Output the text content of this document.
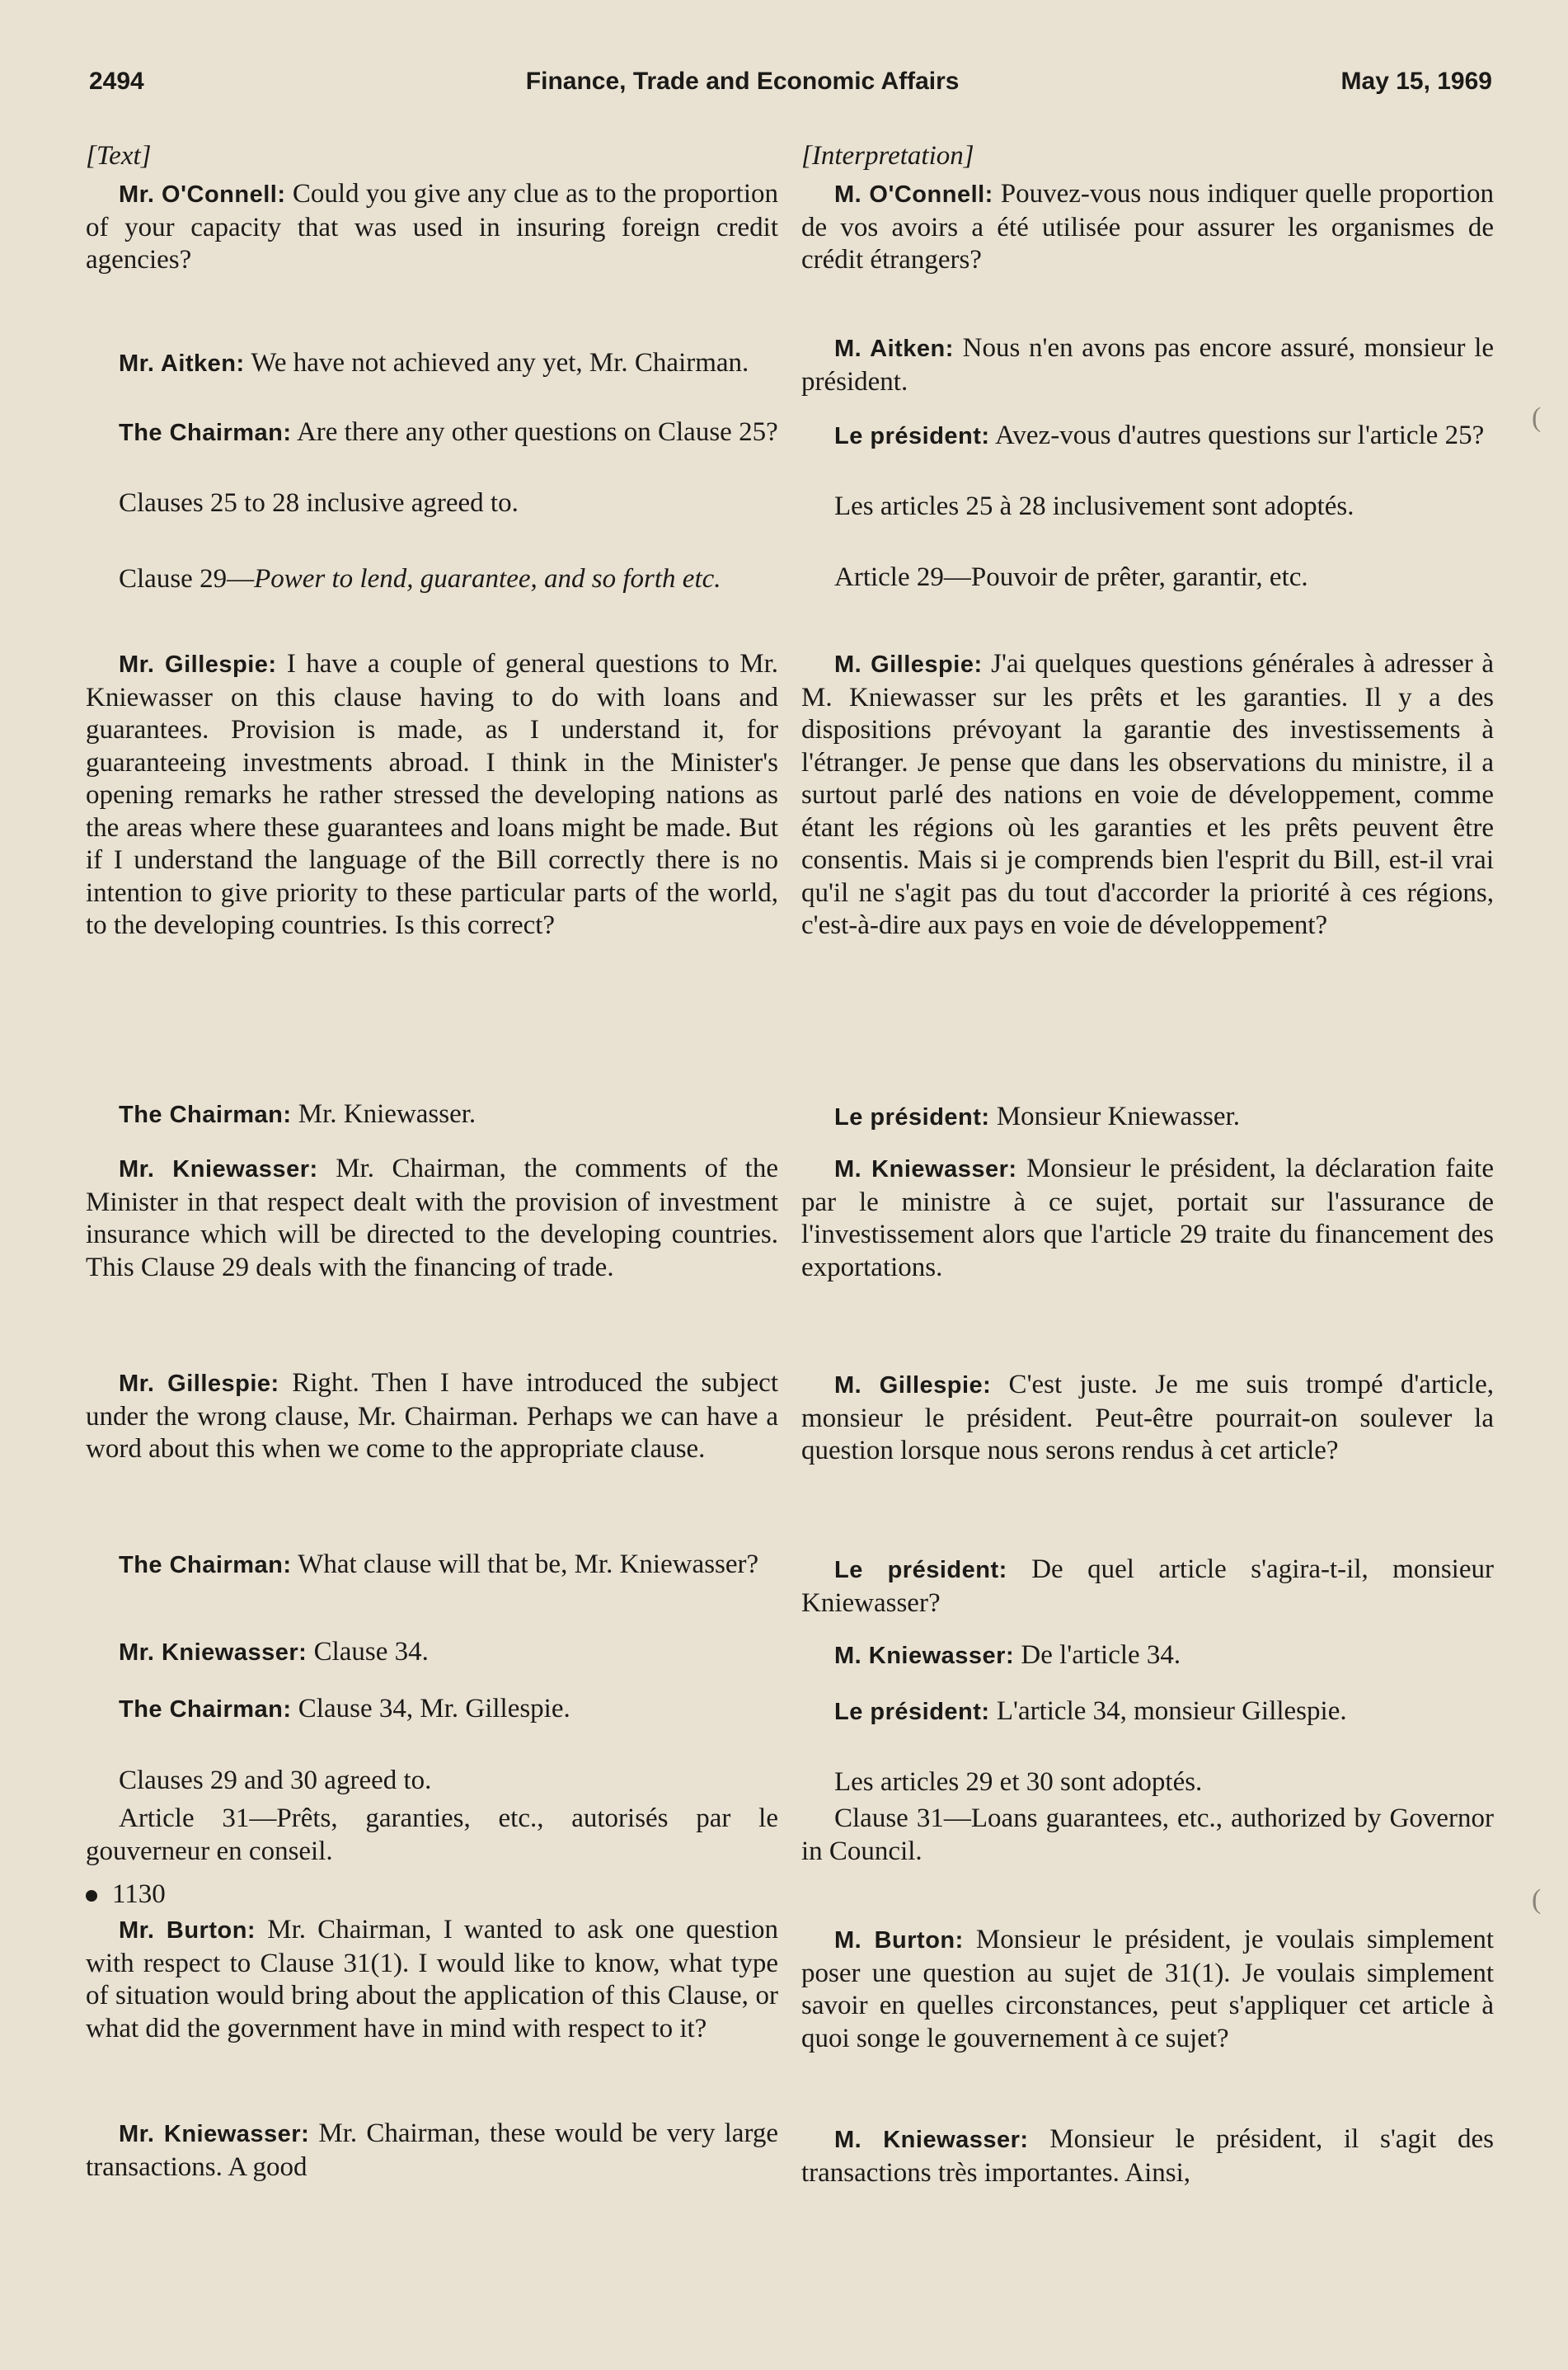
2494	Finance, Trade and Economic Affairs	May 15, 1969

[Text]

Mr. O'Connell: Could you give any clue as to the proportion of your capacity that was used in insuring foreign credit agencies?

Mr. Aitken: We have not achieved any yet, Mr. Chairman.

The Chairman: Are there any other questions on Clause 25?

Clauses 25 to 28 inclusive agreed to.

Clause 29—Power to lend, guarantee, and so forth etc.

Mr. Gillespie: I have a couple of general questions to Mr. Kniewasser on this clause having to do with loans and guarantees. Provision is made, as I understand it, for guaranteeing investments abroad. I think in the Minister's opening remarks he rather stressed the developing nations as the areas where these guarantees and loans might be made. But if I understand the language of the Bill correctly there is no intention to give priority to these particular parts of the world, to the developing countries. Is this correct?

The Chairman: Mr. Kniewasser.

Mr. Kniewasser: Mr. Chairman, the comments of the Minister in that respect dealt with the provision of investment insurance which will be directed to the developing countries. This Clause 29 deals with the financing of trade.

Mr. Gillespie: Right. Then I have introduced the subject under the wrong clause, Mr. Chairman. Perhaps we can have a word about this when we come to the appropriate clause.

The Chairman: What clause will that be, Mr. Kniewasser?

Mr. Kniewasser: Clause 34.

The Chairman: Clause 34, Mr. Gillespie.

Clauses 29 and 30 agreed to.

Article 31—Prêts, garanties, etc., autorisés par le gouverneur en conseil.

1130

Mr. Burton: Mr. Chairman, I wanted to ask one question with respect to Clause 31(1). I would like to know, what type of situation would bring about the application of this Clause, or what did the government have in mind with respect to it?

Mr. Kniewasser: Mr. Chairman, these would be very large transactions. A good

[Interpretation]

M. O'Connell: Pouvez-vous nous indiquer quelle proportion de vos avoirs a été utilisée pour assurer les organismes de crédit étrangers?

M. Aitken: Nous n'en avons pas encore assuré, monsieur le président.

Le président: Avez-vous d'autres questions sur l'article 25?

Les articles 25 à 28 inclusivement sont adoptés.

Article 29—Pouvoir de prêter, garantir, etc.

M. Gillespie: J'ai quelques questions générales à adresser à M. Kniewasser sur les prêts et les garanties. Il y a des dispositions prévoyant la garantie des investissements à l'étranger. Je pense que dans les observations du ministre, il a surtout parlé des nations en voie de développement, comme étant les régions où les garanties et les prêts peuvent être consentis. Mais si je comprends bien l'esprit du Bill, est-il vrai qu'il ne s'agit pas du tout d'accorder la priorité à ces régions, c'est-à-dire aux pays en voie de développement?

Le président: Monsieur Kniewasser.

M. Kniewasser: Monsieur le président, la déclaration faite par le ministre à ce sujet, portait sur l'assurance de l'investissement alors que l'article 29 traite du financement des exportations.

M. Gillespie: C'est juste. Je me suis trompé d'article, monsieur le président. Peut-être pourrait-on soulever la question lorsque nous serons rendus à cet article?

Le président: De quel article s'agira-t-il, monsieur Kniewasser?

M. Kniewasser: De l'article 34.

Le président: L'article 34, monsieur Gillespie.

Les articles 29 et 30 sont adoptés.

Clause 31—Loans guarantees, etc., authorized by Governor in Council.

M. Burton: Monsieur le président, je voulais simplement poser une question au sujet de 31(1). Je voulais simplement savoir en quelles circonstances, peut s'appliquer cet article à quoi songe le gouvernement à ce sujet?

M. Kniewasser: Monsieur le président, il s'agit des transactions très importantes. Ainsi,

(
(
